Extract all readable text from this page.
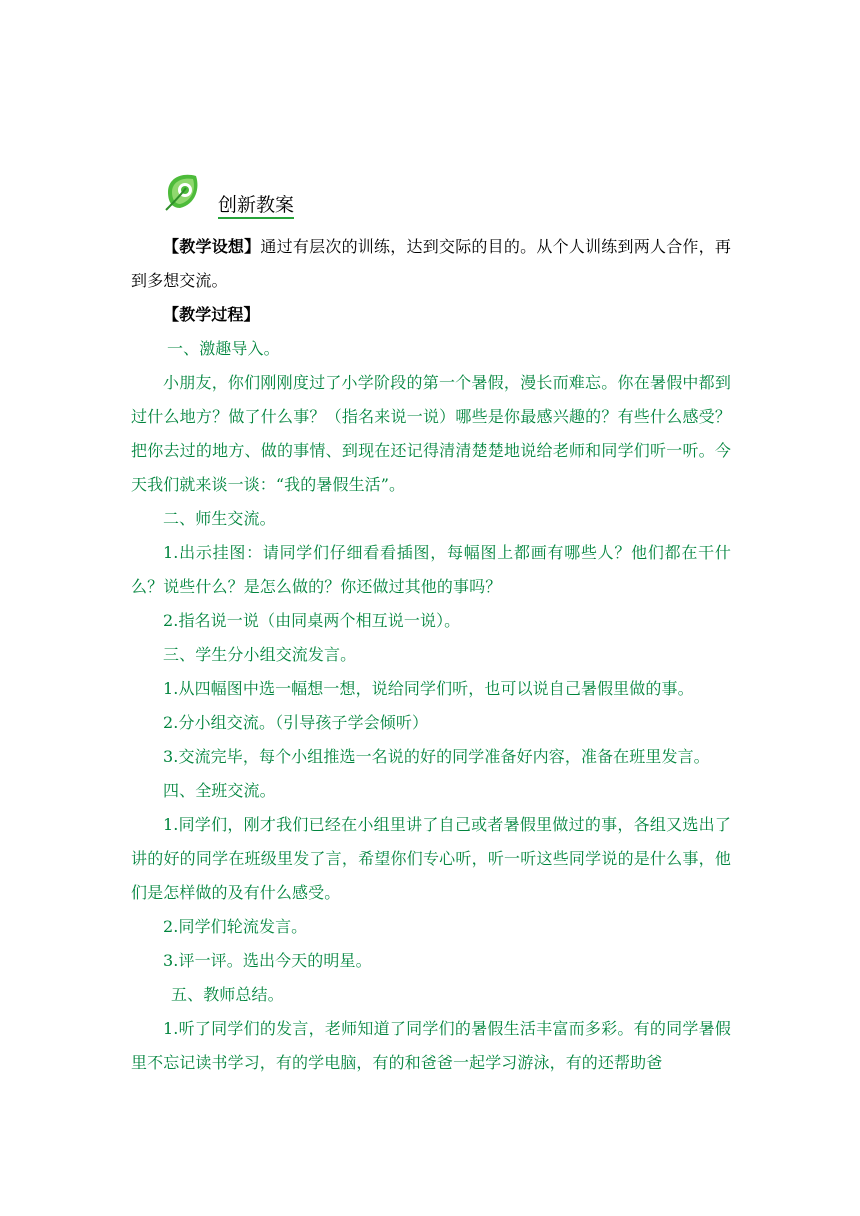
创新教案

【教学设想】通过有层次的训练，达到交际的目的。从个人训练到两人合作，再到多想交流。

【教学过程】

一、激趣导入。

小朋友，你们刚刚度过了小学阶段的第一个暑假，漫长而难忘。你在暑假中都到过什么地方？做了什么事？（指名来说一说）哪些是你最感兴趣的？有些什么感受？把你去过的地方、做的事情、到现在还记得清清楚楚地说给老师和同学们听一听。今天我们就来谈一谈：“我的暑假生活”。

二、师生交流。

1.出示挂图：请同学们仔细看看插图，每幅图上都画有哪些人？他们都在干什么？说些什么？是怎么做的？你还做过其他的事吗？

2.指名说一说（由同桌两个相互说一说）。

三、学生分小组交流发言。

1.从四幅图中选一幅想一想，说给同学们听，也可以说自己暑假里做的事。

2.分小组交流。（引导孩子学会倾听）

3.交流完毕，每个小组推选一名说的好的同学准备好内容，准备在班里发言。

四、全班交流。

1.同学们，刚才我们已经在小组里讲了自己或者暑假里做过的事，各组又选出了讲的好的同学在班级里发了言，希望你们专心听，听一听这些同学说的是什么事，他们是怎样做的及有什么感受。

2.同学们轮流发言。

3.评一评。选出今天的明星。

五、教师总结。

1.听了同学们的发言，老师知道了同学们的暑假生活丰富而多彩。有的同学暑假里不忘记读书学习，有的学电脑，有的和爸爸一起学习游泳，有的还帮助爸
